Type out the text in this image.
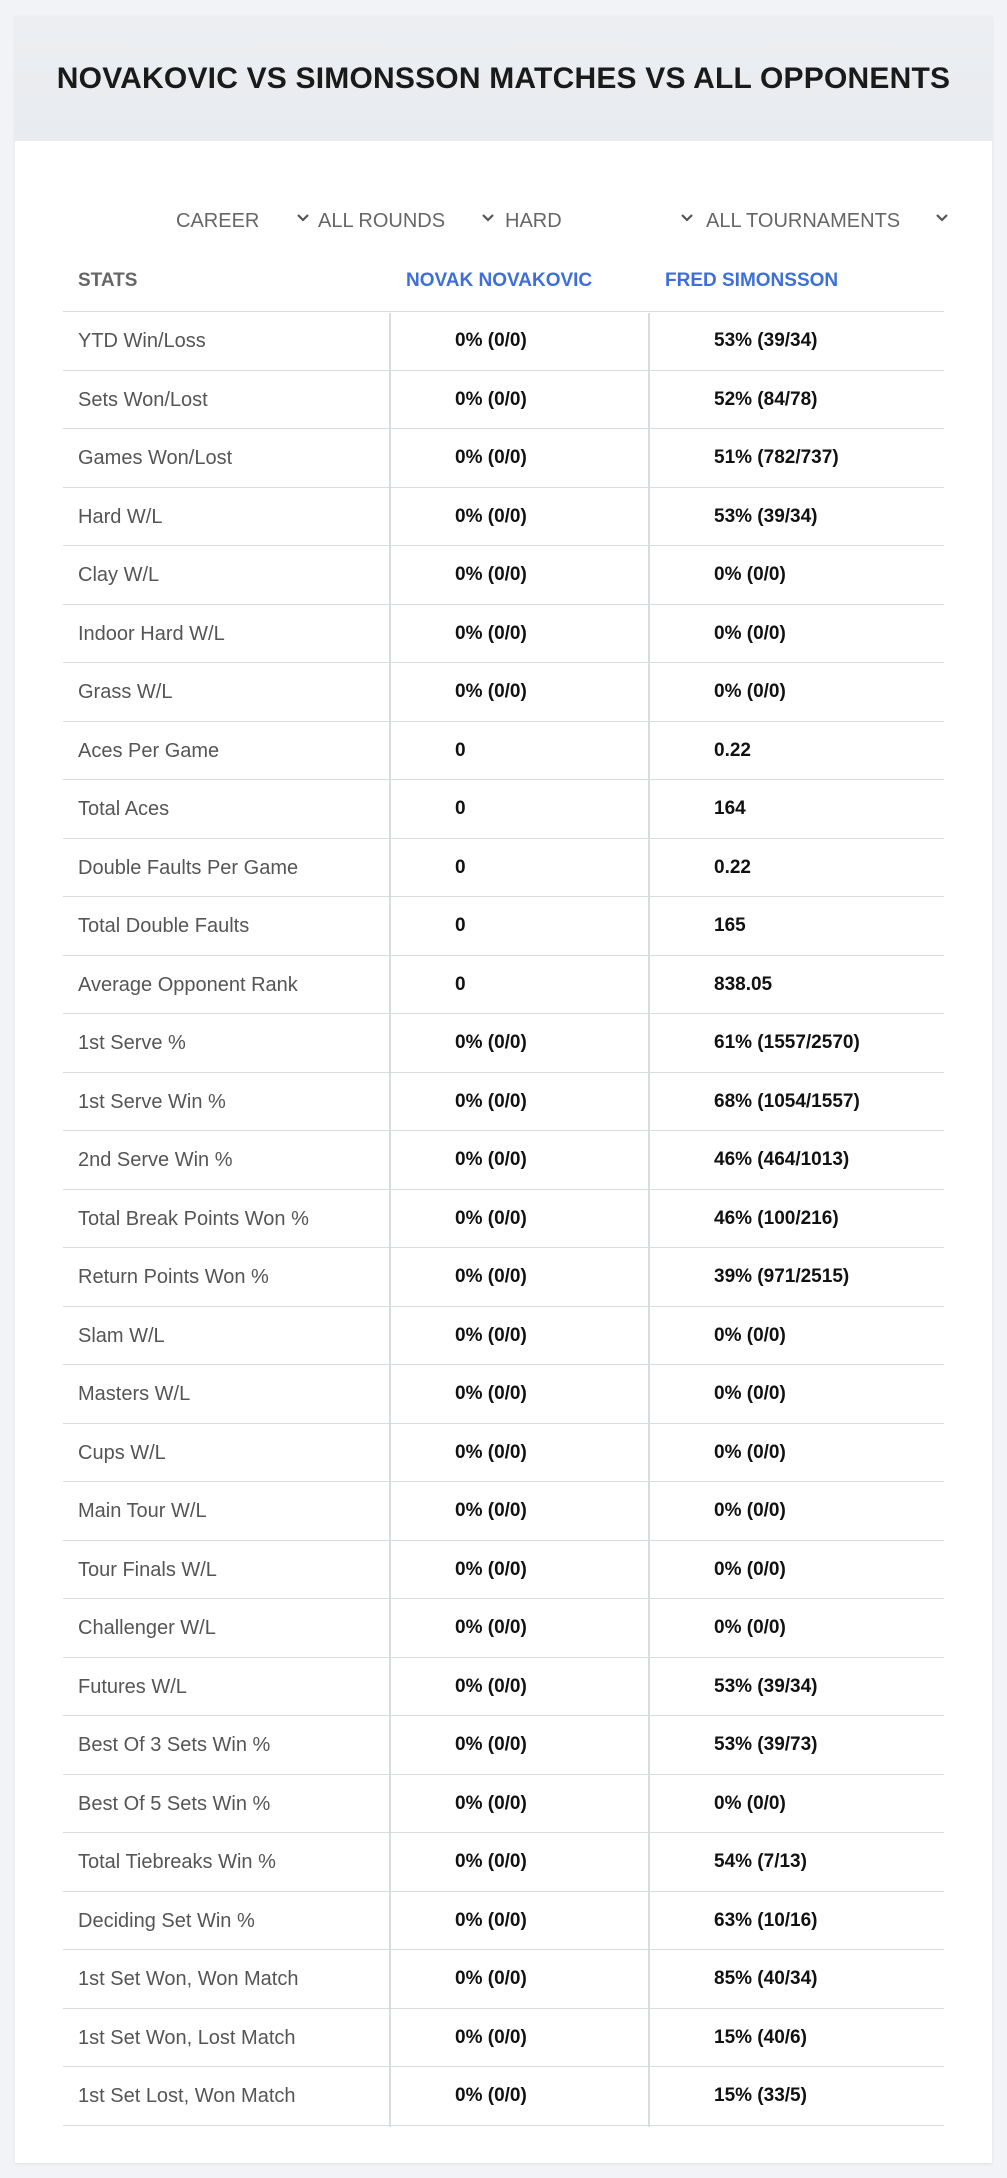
NOVAKOVIC VS SIMONSSON MATCHES VS ALL OPPONENTS
CAREER	ALL ROUNDS	HARD	ALL TOURNAMENTS
STATS	NOVAK NOVAKOVIC	FRED SIMONSSON
YTD Win/Loss	0% (0/0)	53% (39/34)
Sets Won/Lost	0% (0/0)	52% (84/78)
Games Won/Lost	0% (0/0)	51% (782/737)
Hard W/L	0% (0/0)	53% (39/34)
Clay W/L	0% (0/0)	0% (0/0)
Indoor Hard W/L	0% (0/0)	0% (0/0)
Grass W/L	0% (0/0)	0% (0/0)
Aces Per Game	0	0.22
Total Aces	0	164
Double Faults Per Game	0	0.22
Total Double Faults	0	165
Average Opponent Rank	0	838.05
1st Serve %	0% (0/0)	61% (1557/2570)
1st Serve Win %	0% (0/0)	68% (1054/1557)
2nd Serve Win %	0% (0/0)	46% (464/1013)
Total Break Points Won %	0% (0/0)	46% (100/216)
Return Points Won %	0% (0/0)	39% (971/2515)
Slam W/L	0% (0/0)	0% (0/0)
Masters W/L	0% (0/0)	0% (0/0)
Cups W/L	0% (0/0)	0% (0/0)
Main Tour W/L	0% (0/0)	0% (0/0)
Tour Finals W/L	0% (0/0)	0% (0/0)
Challenger W/L	0% (0/0)	0% (0/0)
Futures W/L	0% (0/0)	53% (39/34)
Best Of 3 Sets Win %	0% (0/0)	53% (39/73)
Best Of 5 Sets Win %	0% (0/0)	0% (0/0)
Total Tiebreaks Win %	0% (0/0)	54% (7/13)
Deciding Set Win %	0% (0/0)	63% (10/16)
1st Set Won, Won Match	0% (0/0)	85% (40/34)
1st Set Won, Lost Match	0% (0/0)	15% (40/6)
1st Set Lost, Won Match	0% (0/0)	15% (33/5)
